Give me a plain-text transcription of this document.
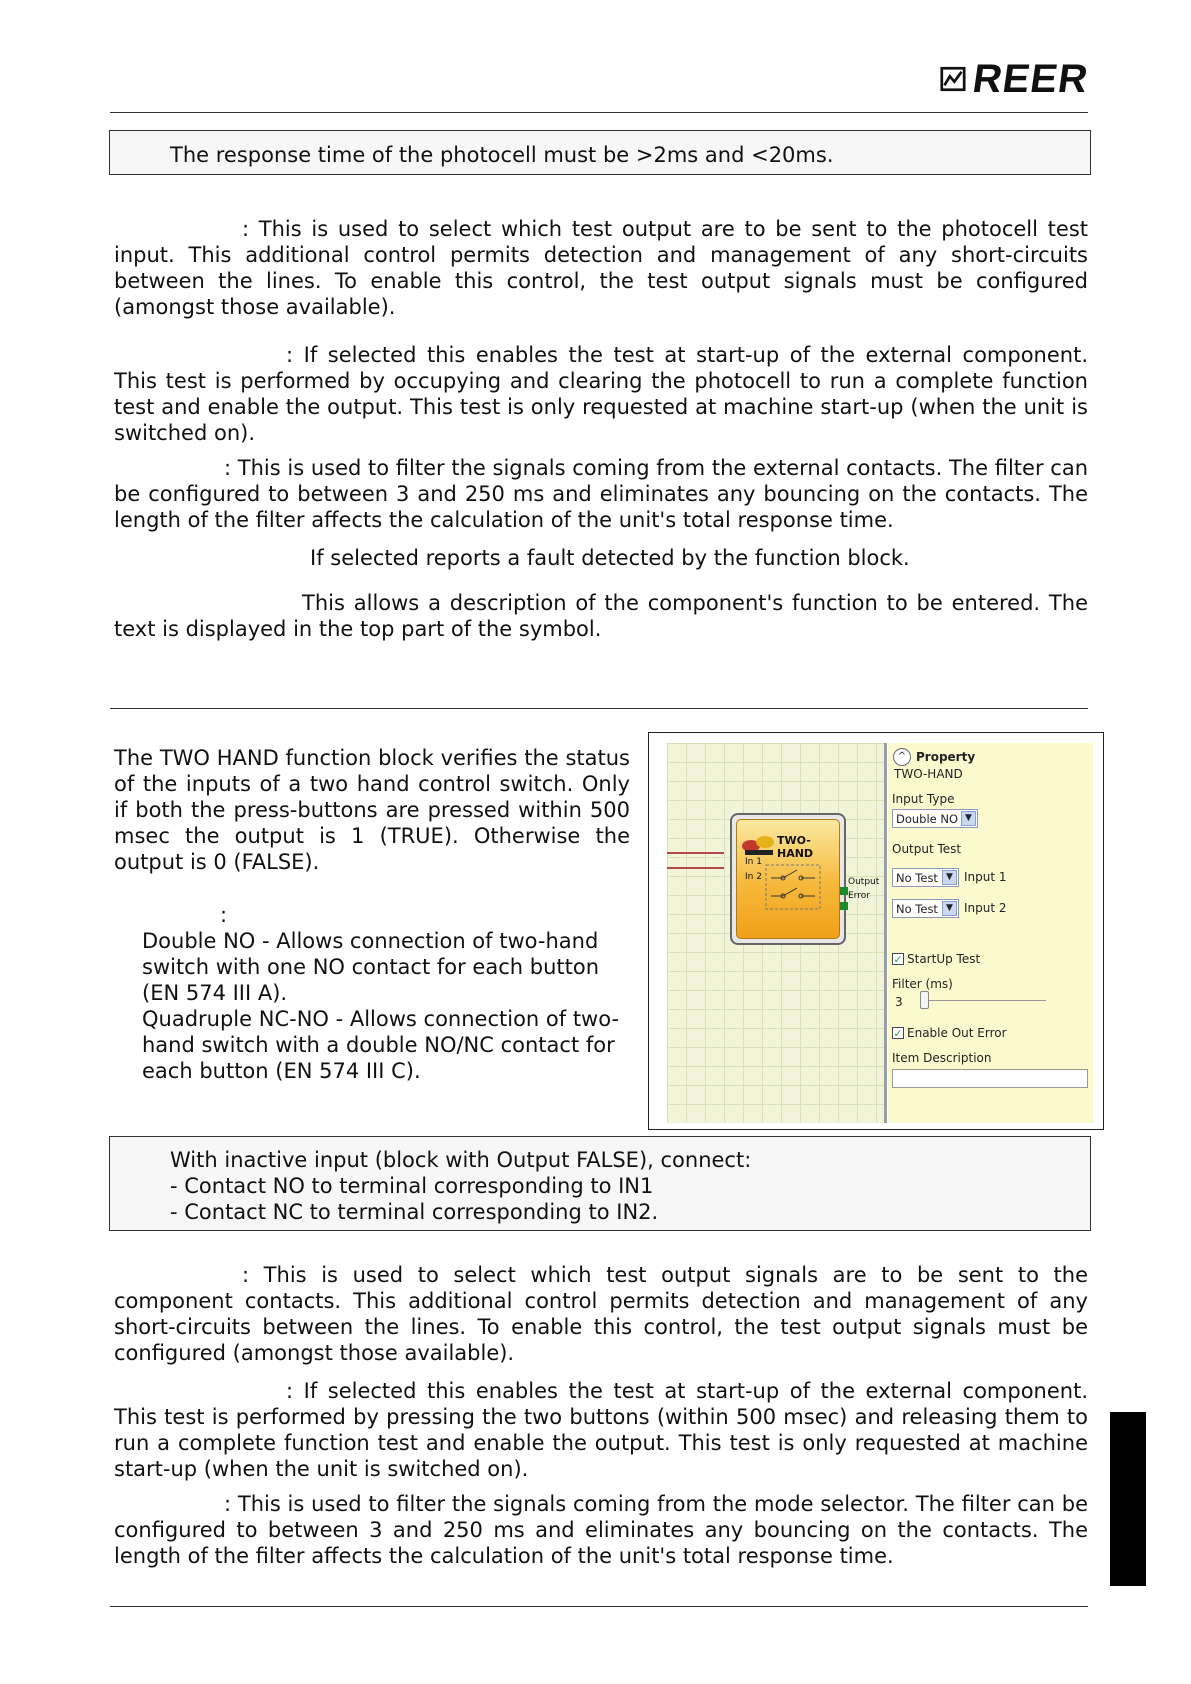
REER
The response time of the photocell must be >2ms and <20ms.
: This is used to select which test output are to be sent to the photocell test input. This additional control permits detection and management of any short-circuits between the lines. To enable this control, the test output signals must be configured (amongst those available).
: If selected this enables the test at start-up of the external component. This test is performed by occupying and clearing the photocell to run a complete function test and enable the output. This test is only requested at machine start-up (when the unit is switched on).
: This is used to filter the signals coming from the external contacts. The filter can be configured to between 3 and 250 ms and eliminates any bouncing on the contacts. The length of the filter affects the calculation of the unit's total response time.
If selected reports a fault detected by the function block.
This allows a description of the component's function to be entered. The text is displayed in the top part of the symbol.
The TWO HAND function block verifies the status of the inputs of a two hand control switch. Only if both the press-buttons are pressed within 500 msec the output is 1 (TRUE). Otherwise the output is 0 (FALSE).
:
Double NO - Allows connection of two-hand switch with one NO contact for each button (EN 574 III A).
Quadruple NC-NO - Allows connection of two-hand switch with a double NO/NC contact for each button (EN 574 III C).
TWO-HAND
In 1
In 2	Output
Error
^ Property
TWO-HAND
Input Type
Double NO ▼
Output Test
No Test ▼ Input 1
No Test ▼ Input 2
✓ StartUp Test
Filter (ms)
3
✓ Enable Out Error
Item Description
With inactive input (block with Output FALSE), connect:
- Contact NO to terminal corresponding to IN1
- Contact NC to terminal corresponding to IN2.
: This is used to select which test output signals are to be sent to the component contacts. This additional control permits detection and management of any short-circuits between the lines. To enable this control, the test output signals must be configured (amongst those available).
: If selected this enables the test at start-up of the external component. This test is performed by pressing the two buttons (within 500 msec) and releasing them to run a complete function test and enable the output. This test is only requested at machine start-up (when the unit is switched on).
: This is used to filter the signals coming from the mode selector. The filter can be configured to between 3 and 250 ms and eliminates any bouncing on the contacts. The length of the filter affects the calculation of the unit's total response time.
